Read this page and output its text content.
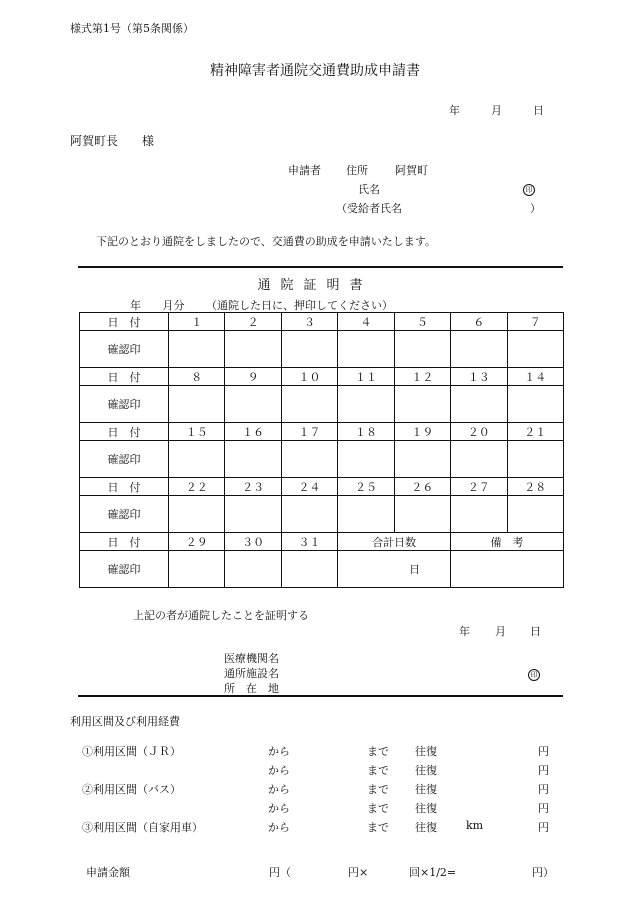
様式第1号（第5条関係）
精神障害者通院交通費助成申請書
年	月	日
阿賀町長 様
申請者 住所 阿賀町
氏名	印
（受給者氏名	）
下記のとおり通院をしましたので、交通費の助成を申請いたします。
通院証明書
年 月分 （通院した日に、押印してください）
日　付	１	２	３	４	５	６	７
確認印							
日　付	８	９	１０	１１	１２	１３	１４
確認印							
日　付	１５	１６	１７	１８	１９	２０	２１
確認印							
日　付	２２	２３	２４	２５	２６	２７	２８
確認印							
日　付	２９	３０	３１	合計日数		備　考	
確認印				日			
上記の者が通院したことを証明する
年 月 日
医療機関名
通所施設名
所　在　地
印
利用区間及び利用経費
①利用区間（ＪＲ）	から	まで 往復	円
から	まで 往復	円
②利用区間（バス）	から	まで 往復	円
から	まで 往復	円
③利用区間（自家用車）	から	まで 往復	km	円
申請金額	円（	円×	回×1/2=	円）
